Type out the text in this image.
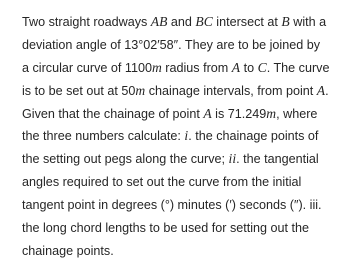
Two straight roadways AB and BC intersect at B with a
deviation angle of 13°02′58″. They are to be joined by
a circular curve of 1100m radius from A to C. The curve
is to be set out at 50m chainage intervals, from point A.
Given that the chainage of point A is 71.249m, where
the three numbers calculate: i. the chainage points of
the setting out pegs along the curve; ii. the tangential
angles required to set out the curve from the initial
tangent point in degrees (°) minutes (′) seconds (″). iii.
the long chord lengths to be used for setting out the
chainage points.
